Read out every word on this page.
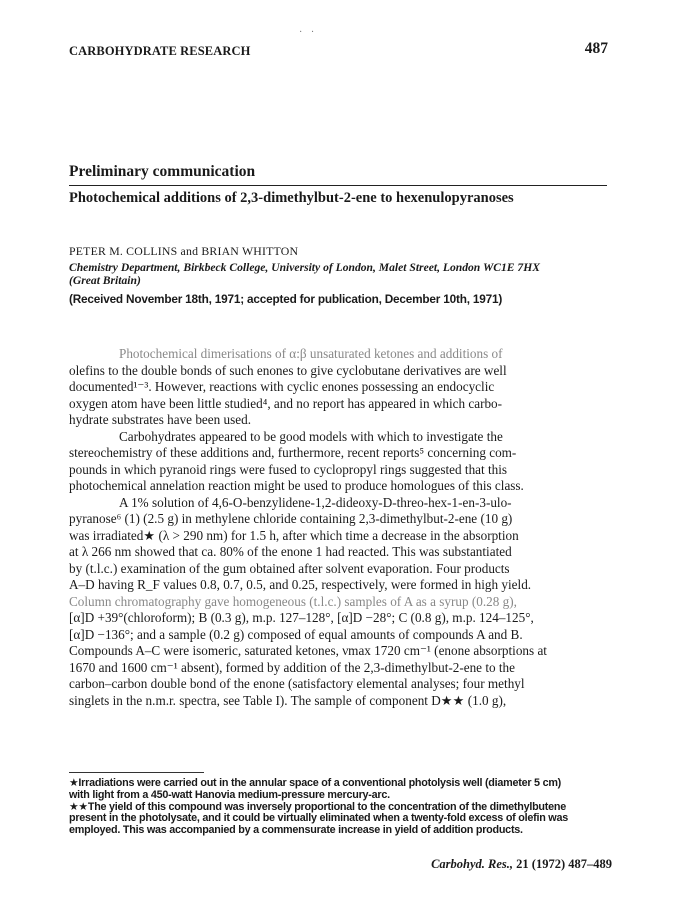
· ·
CARBOHYDRATE RESEARCH	487
Preliminary communication
Photochemical additions of 2,3-dimethylbut-2-ene to hexenulopyranoses
PETER M. COLLINS and BRIAN WHITTON
Chemistry Department, Birkbeck College, University of London, Malet Street, London WC1E 7HX
(Great Britain)
(Received November 18th, 1971; accepted for publication, December 10th, 1971)
Photochemical dimerisations of α:β unsaturated ketones and additions of
olefins to the double bonds of such enones to give cyclobutane derivatives are well
documented¹⁻³. However, reactions with cyclic enones possessing an endocyclic
oxygen atom have been little studied⁴, and no report has appeared in which carbo-
hydrate substrates have been used.
Carbohydrates appeared to be good models with which to investigate the
stereochemistry of these additions and, furthermore, recent reports⁵ concerning com-
pounds in which pyranoid rings were fused to cyclopropyl rings suggested that this
photochemical annelation reaction might be used to produce homologues of this class.
A 1% solution of 4,6-O-benzylidene-1,2-dideoxy-D-threo-hex-1-en-3-ulo-
pyranose⁶ (1) (2.5 g) in methylene chloride containing 2,3-dimethylbut-2-ene (10 g)
was irradiated★ (λ > 290 nm) for 1.5 h, after which time a decrease in the absorption
at λ 266 nm showed that ca. 80% of the enone 1 had reacted. This was substantiated
by (t.l.c.) examination of the gum obtained after solvent evaporation. Four products
A–D having R_F values 0.8, 0.7, 0.5, and 0.25, respectively, were formed in high yield.
Column chromatography gave homogeneous (t.l.c.) samples of A as a syrup (0.28 g),
[α]D +39°(chloroform); B (0.3 g), m.p. 127–128°, [α]D −28°; C (0.8 g), m.p. 124–125°,
[α]D −136°; and a sample (0.2 g) composed of equal amounts of compounds A and B.
Compounds A–C were isomeric, saturated ketones, νmax 1720 cm⁻¹ (enone absorptions at
1670 and 1600 cm⁻¹ absent), formed by addition of the 2,3-dimethylbut-2-ene to the
carbon–carbon double bond of the enone (satisfactory elemental analyses; four methyl
singlets in the n.m.r. spectra, see Table I). The sample of component D★★ (1.0 g),
★Irradiations were carried out in the annular space of a conventional photolysis well (diameter 5 cm)
with light from a 450-watt Hanovia medium-pressure mercury-arc.
★★The yield of this compound was inversely proportional to the concentration of the dimethylbutene
present in the photolysate, and it could be virtually eliminated when a twenty-fold excess of olefin was
employed. This was accompanied by a commensurate increase in yield of addition products.
Carbohyd. Res., 21 (1972) 487–489
